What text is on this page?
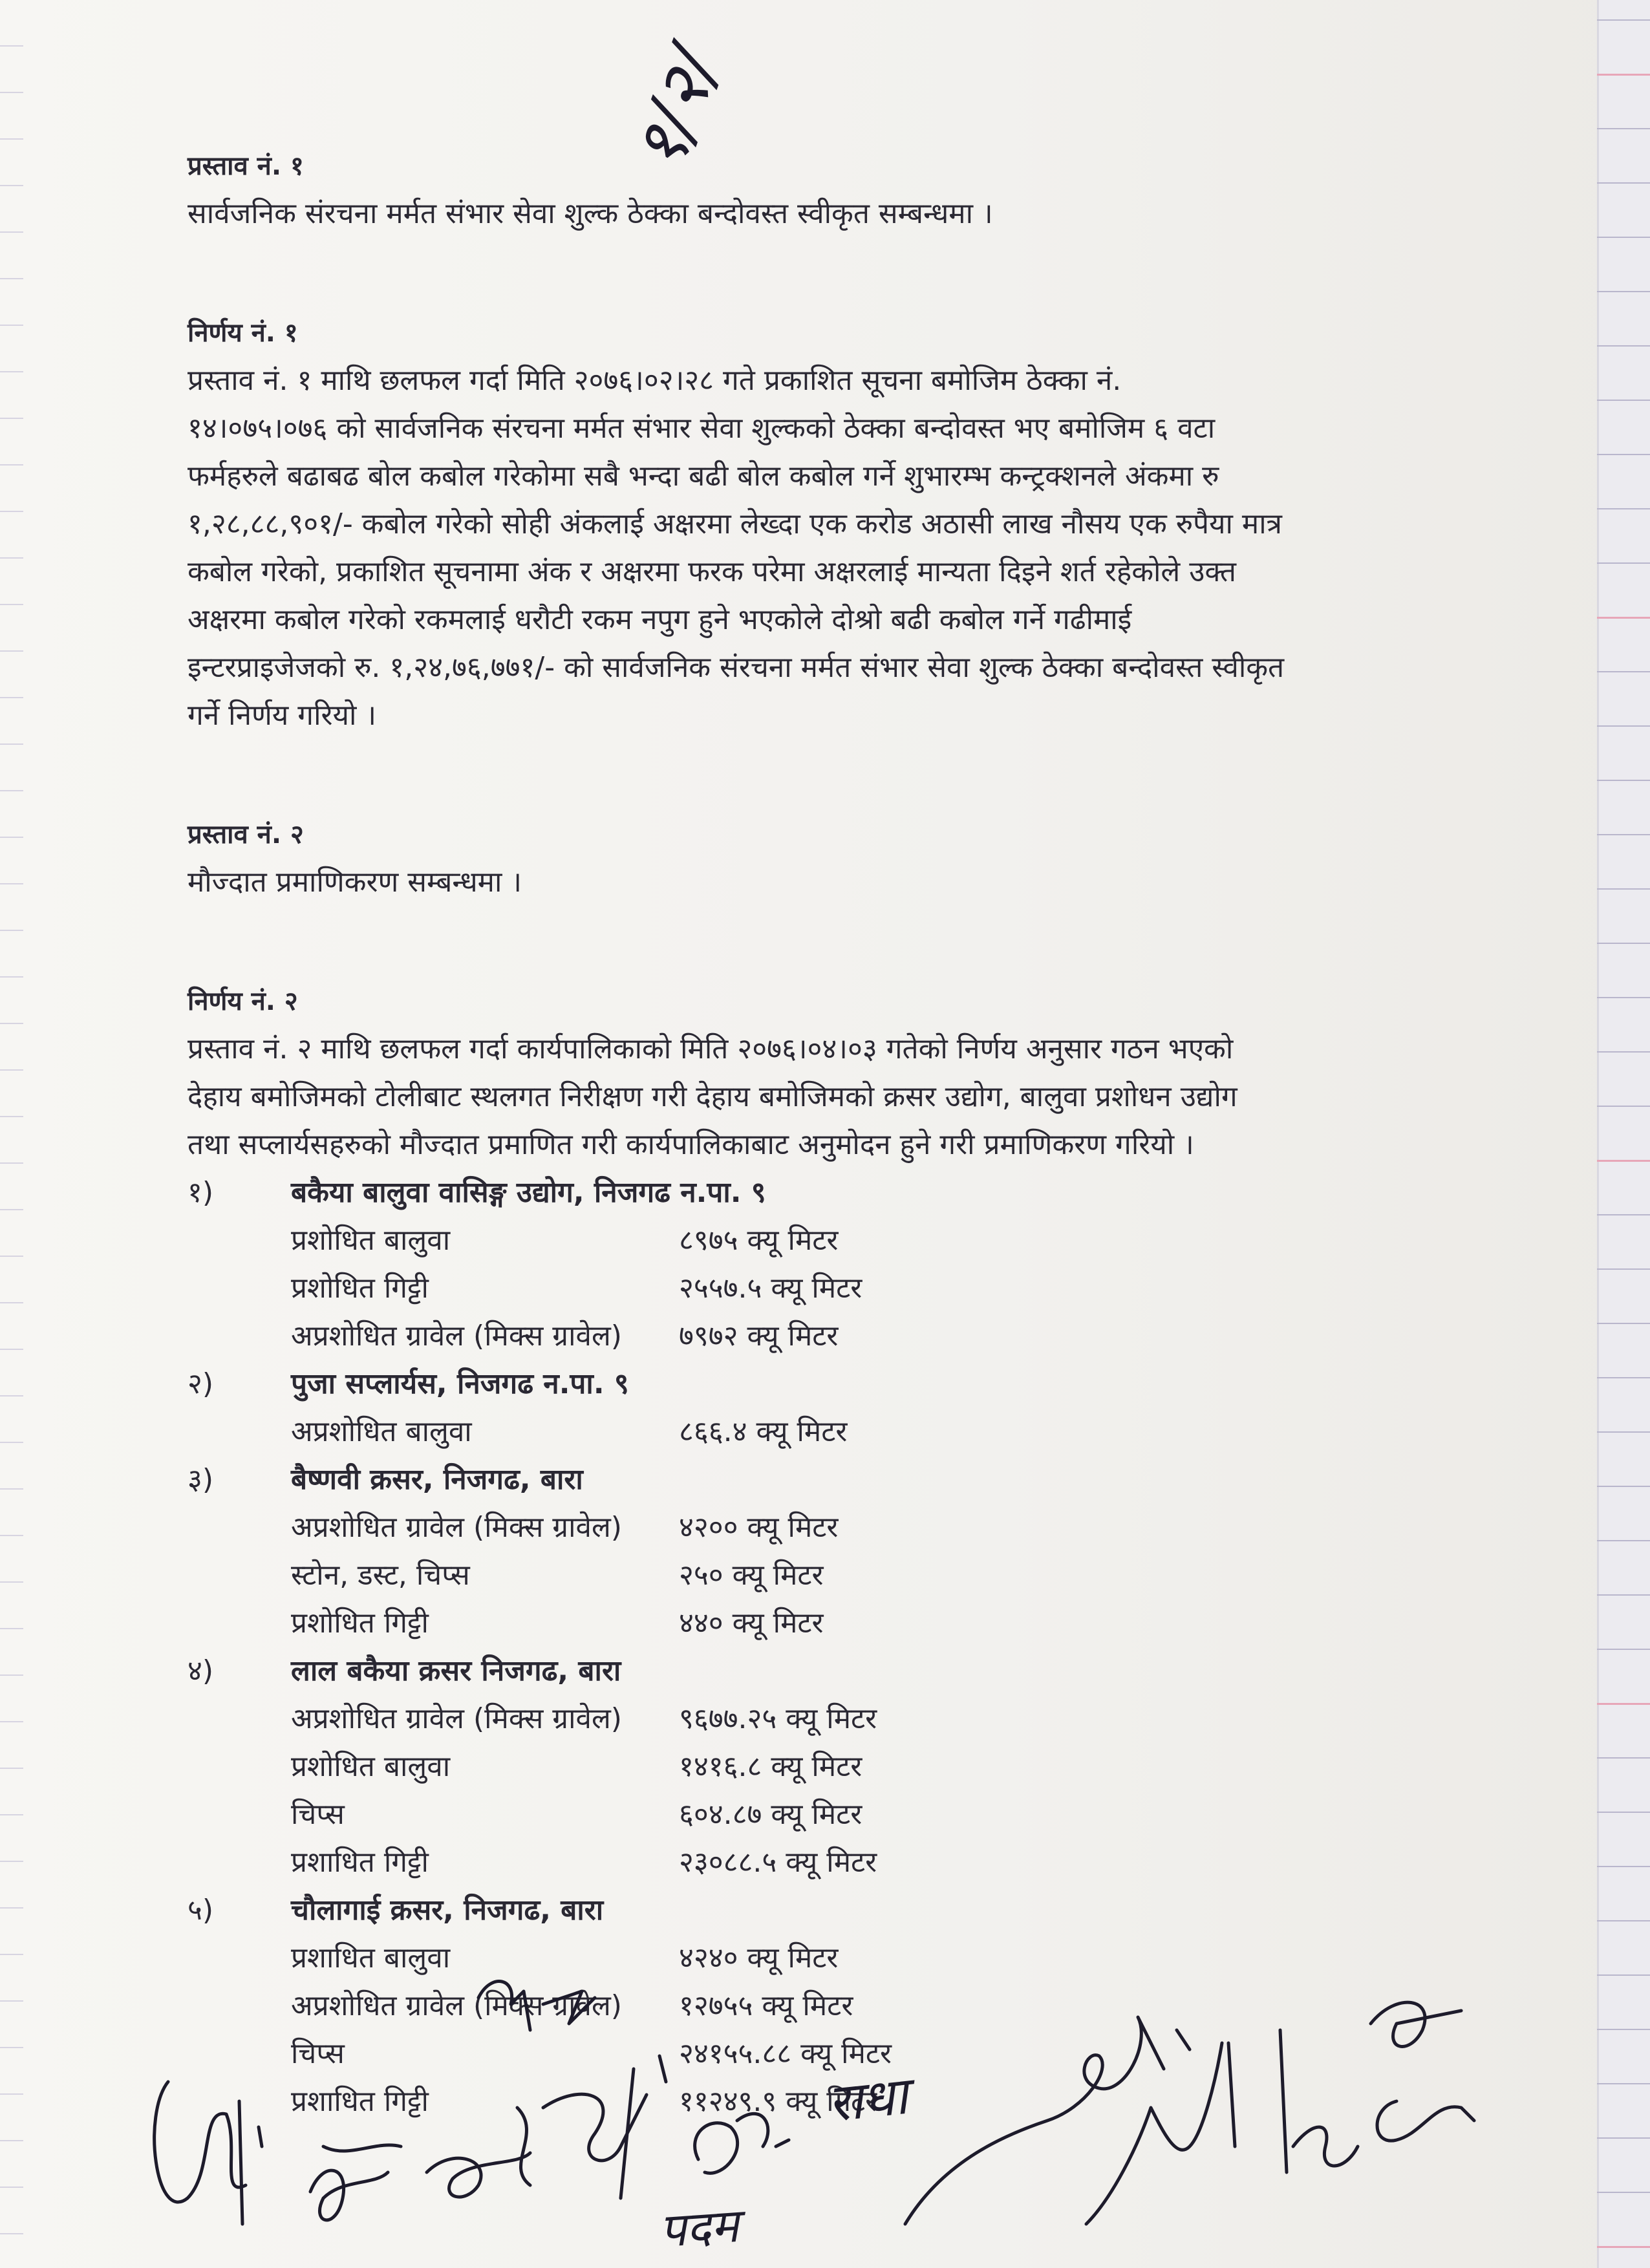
१/२/

प्रस्ताव नं. १

सार्वजनिक संरचना मर्मत संभार सेवा शुल्क ठेक्का बन्दोवस्त स्वीकृत सम्बन्धमा ।

निर्णय नं. १

प्रस्ताव नं. १ माथि छलफल गर्दा मिति २०७६।०२।२८ गते प्रकाशित सूचना बमोजिम ठेक्का नं.

१४।०७५।०७६ को सार्वजनिक संरचना मर्मत संभार सेवा शुल्कको ठेक्का बन्दोवस्त भए बमोजिम ६ वटा

फर्महरुले बढाबढ बोल कबोल गरेकोमा सबै भन्दा बढी बोल कबोल गर्ने शुभारम्भ कन्ट्रक्शनले अंकमा रु

१,२८,८८,९०१/- कबोल गरेको सोही अंकलाई अक्षरमा लेख्दा एक करोड अठासी लाख नौसय एक रुपैया मात्र

कबोल गरेको, प्रकाशित सूचनामा अंक र अक्षरमा फरक परेमा अक्षरलाई मान्यता दिइने शर्त रहेकोले उक्त

अक्षरमा कबोल गरेको रकमलाई धरौटी रकम नपुग हुने भएकोले दोश्रो बढी कबोल गर्ने गढीमाई

इन्टरप्राइजेजको रु. १,२४,७६,७७१/- को सार्वजनिक संरचना मर्मत संभार सेवा शुल्क ठेक्का बन्दोवस्त स्वीकृत

गर्ने निर्णय गरियो ।

प्रस्ताव नं. २

मौज्दात प्रमाणिकरण सम्बन्धमा ।

निर्णय नं. २

प्रस्ताव नं. २ माथि छलफल गर्दा कार्यपालिकाको मिति २०७६।०४।०३ गतेको निर्णय अनुसार गठन भएको

देहाय बमोजिमको टोलीबाट स्थलगत निरीक्षण गरी देहाय बमोजिमको क्रसर उद्योग, बालुवा प्रशोधन उद्योग

तथा सप्लार्यसहरुको मौज्दात प्रमाणित गरी कार्यपालिकाबाट अनुमोदन हुने गरी प्रमाणिकरण गरियो ।

१)	बकैया बालुवा वासिङ्ग उद्योग, निजगढ न.पा. ९
प्रशोधित बालुवा	८९७५ क्यू मिटर
प्रशोधित गिट्टी	२५५७.५ क्यू मिटर
अप्रशोधित ग्रावेल (मिक्स ग्रावेल)	७९७२ क्यू मिटर
२)	पुजा सप्लार्यस, निजगढ न.पा. ९
अप्रशोधित बालुवा	८६६.४ क्यू मिटर
३)	बैष्णवी क्रसर, निजगढ, बारा
अप्रशोधित ग्रावेल (मिक्स ग्रावेल)	४२०० क्यू मिटर
स्टोन, डस्ट, चिप्स	२५० क्यू मिटर
प्रशोधित गिट्टी	४४० क्यू मिटर
४)	लाल बकैया क्रसर निजगढ, बारा
अप्रशोधित ग्रावेल (मिक्स ग्रावेल)	९६७७.२५ क्यू मिटर
प्रशोधित बालुवा	१४१६.८ क्यू मिटर
चिप्स	६०४.८७ क्यू मिटर
प्रशाधित गिट्टी	२३०८८.५ क्यू मिटर
५)	चौलागाई क्रसर, निजगढ, बारा
प्रशाधित बालुवा	४२४० क्यू मिटर
अप्रशोधित ग्रावेल (मिक्स ग्रावेल)	१२७५५ क्यू मिटर
चिप्स	२४१५५.८८ क्यू मिटर
प्रशाधित गिट्टी	११२४९.९ क्यू मिटर
राधा
पदम
